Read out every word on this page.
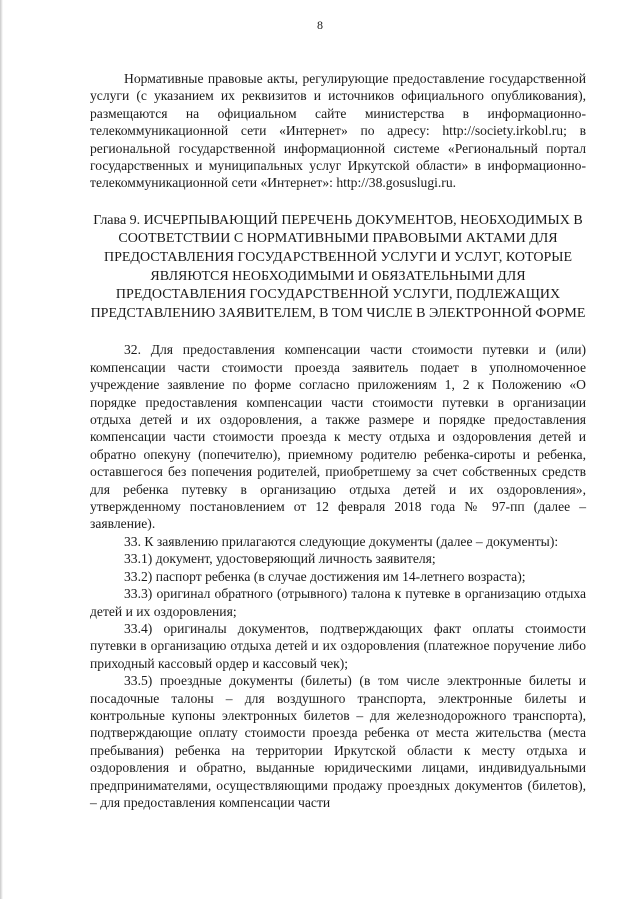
8

Нормативные правовые акты, регулирующие предоставление государственной услуги (с указанием их реквизитов и источников официального опубликования), размещаются на официальном сайте министерства в информационно-телекоммуникационной сети «Интернет» по адресу: http://society.irkobl.ru; в региональной государственной информационной системе «Региональный портал государственных и муниципальных услуг Иркутской области» в информационно-телекоммуникационной сети «Интернет»: http://38.gosuslugi.ru.

Глава 9. ИСЧЕРПЫВАЮЩИЙ ПЕРЕЧЕНЬ ДОКУМЕНТОВ, НЕОБХОДИМЫХ В СООТВЕТСТВИИ С НОРМАТИВНЫМИ ПРАВОВЫМИ АКТАМИ ДЛЯ ПРЕДОСТАВЛЕНИЯ ГОСУДАРСТВЕННОЙ УСЛУГИ И УСЛУГ, КОТОРЫЕ ЯВЛЯЮТСЯ НЕОБХОДИМЫМИ И ОБЯЗАТЕЛЬНЫМИ ДЛЯ ПРЕДОСТАВЛЕНИЯ ГОСУДАРСТВЕННОЙ УСЛУГИ, ПОДЛЕЖАЩИХ ПРЕДСТАВЛЕНИЮ ЗАЯВИТЕЛЕМ, В ТОМ ЧИСЛЕ В ЭЛЕКТРОННОЙ ФОРМЕ

32. Для предоставления компенсации части стоимости путевки и (или) компенсации части стоимости проезда заявитель подает в уполномоченное учреждение заявление по форме согласно приложениям 1, 2 к Положению «О порядке предоставления компенсации части стоимости путевки в организации отдыха детей и их оздоровления, а также размере и порядке предоставления компенсации части стоимости проезда к месту отдыха и оздоровления детей и обратно опекуну (попечителю), приемному родителю ребенка-сироты и ребенка, оставшегося без попечения родителей, приобретшему за счет собственных средств для ребенка путевку в организацию отдыха детей и их оздоровления», утвержденному постановлением от 12 февраля 2018 года № 97-пп (далее – заявление).

33. К заявлению прилагаются следующие документы (далее – документы):

33.1) документ, удостоверяющий личность заявителя;

33.2) паспорт ребенка (в случае достижения им 14-летнего возраста);

33.3) оригинал обратного (отрывного) талона к путевке в организацию отдыха детей и их оздоровления;

33.4) оригиналы документов, подтверждающих факт оплаты стоимости путевки в организацию отдыха детей и их оздоровления (платежное поручение либо приходный кассовый ордер и кассовый чек);

33.5) проездные документы (билеты) (в том числе электронные билеты и посадочные талоны – для воздушного транспорта, электронные билеты и контрольные купоны электронных билетов – для железнодорожного транспорта), подтверждающие оплату стоимости проезда ребенка от места жительства (места пребывания) ребенка на территории Иркутской области к месту отдыха и оздоровления и обратно, выданные юридическими лицами, индивидуальными предпринимателями, осуществляющими продажу проездных документов (билетов), – для предоставления компенсации части
